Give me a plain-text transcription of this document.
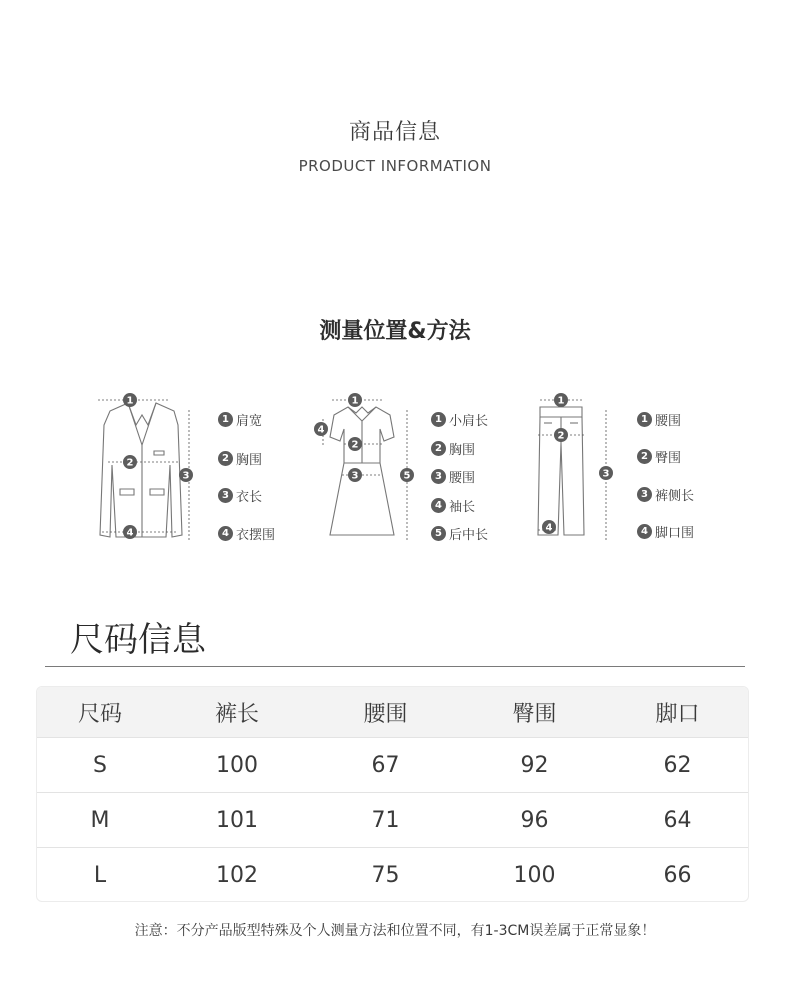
商品信息
PRODUCT INFORMATION
测量位置&方法
1
2
3
4
1 肩宽
2 胸围
3 衣长
4 衣摆围
1
2
3
4
5
1 小肩长
2 胸围
3 腰围
4 袖长
5 后中长
1
2
3
4
1 腰围
2 臀围
3 裤侧长
4 脚口围
尺码信息
尺码	裤长	腰围	臀围	脚口
S	100	67	92	62
M	101	71	96	64
L	102	75	100	66
注意：不分产品版型特殊及个人测量方法和位置不同，有1-3CM误差属于正常显象！
